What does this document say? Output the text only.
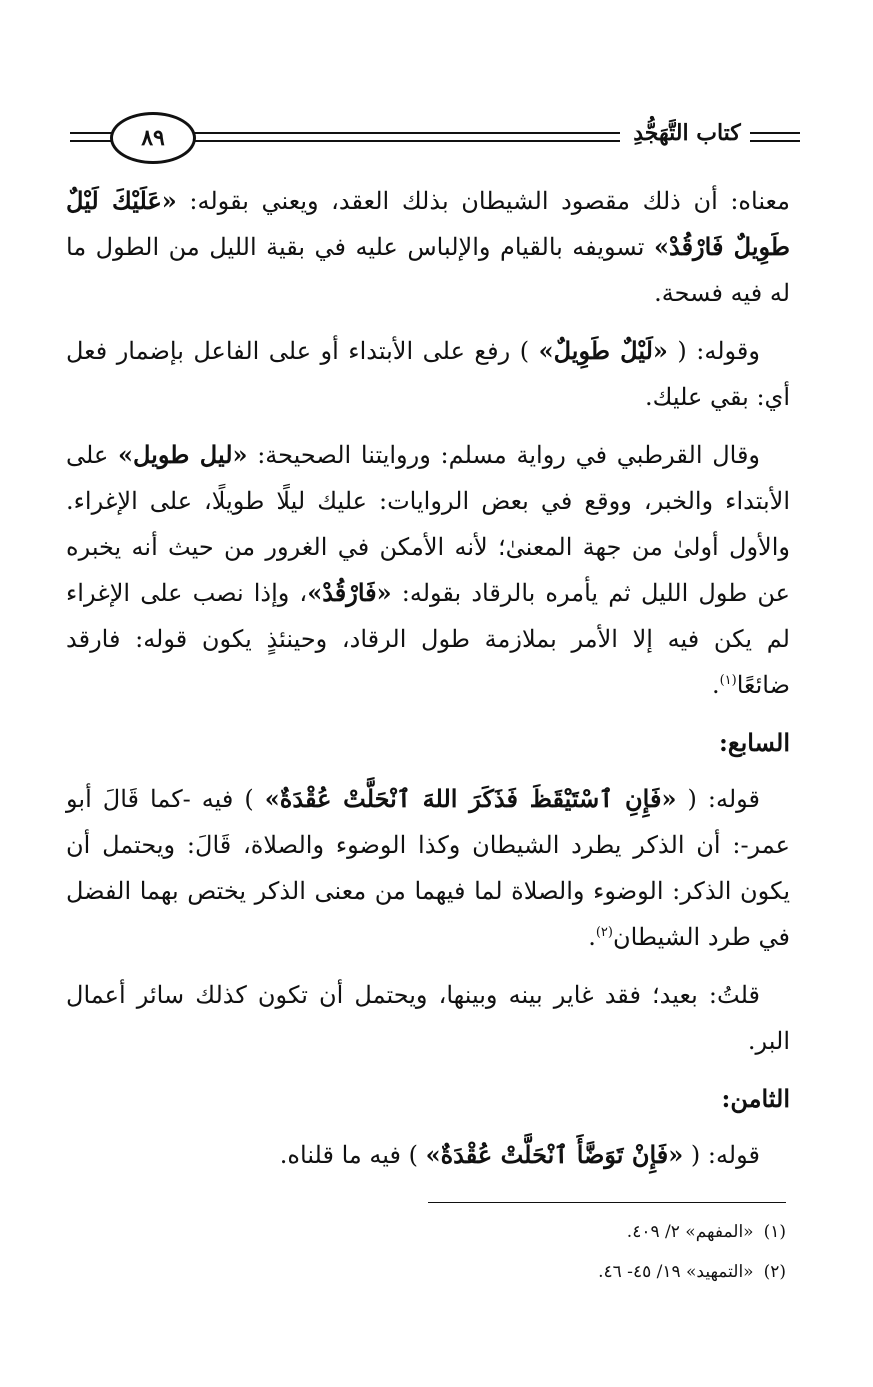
٨٩	كتاب التَّهَجُّدِ

معناه: أن ذلك مقصود الشيطان بذلك العقد، ويعني بقوله: «عَلَيْكَ لَيْلٌ طَوِيلٌ فَارْقُدْ» تسويفه بالقيام والإلباس عليه في بقية الليل من الطول ما له فيه فسحة.

وقوله: ( «لَيْلٌ طَوِيلٌ» ) رفع على الأبتداء أو على الفاعل بإضمار فعل أي: بقي عليك.

وقال القرطبي في رواية مسلم: وروايتنا الصحيحة: «ليل طويل» على الأبتداء والخبر، ووقع في بعض الروايات: عليك ليلًا طويلًا، على الإغراء. والأول أولىٰ من جهة المعنىٰ؛ لأنه الأمكن في الغرور من حيث أنه يخبره عن طول الليل ثم يأمره بالرقاد بقوله: «فَارْقُدْ»، وإذا نصب على الإغراء لم يكن فيه إلا الأمر بملازمة طول الرقاد، وحينئذٍ يكون قوله: فارقد ضائعًا$^{(١)}$.

السابع:

قوله: ( «فَإِنِ ٱسْتَيْقَظَ فَذَكَرَ اللهَ ٱنْحَلَّتْ عُقْدَةٌ» ) فيه -كما قَالَ أبو عمر-: أن الذكر يطرد الشيطان وكذا الوضوء والصلاة، قَالَ: ويحتمل أن يكون الذكر: الوضوء والصلاة لما فيهما من معنى الذكر يختص بهما الفضل في طرد الشيطان$^{(٢)}$.

قلتُ: بعيد؛ فقد غاير بينه وبينها، ويحتمل أن تكون كذلك سائر أعمال البر.

الثامن:

قوله: ( «فَإِنْ تَوَضَّأَ ٱنْحَلَّتْ عُقْدَةٌ» ) فيه ما قلناه.

(١)«المفهم» ٢/ ٤٠٩.
(٢)«التمهيد» ١٩/ ٤٥- ٤٦.
